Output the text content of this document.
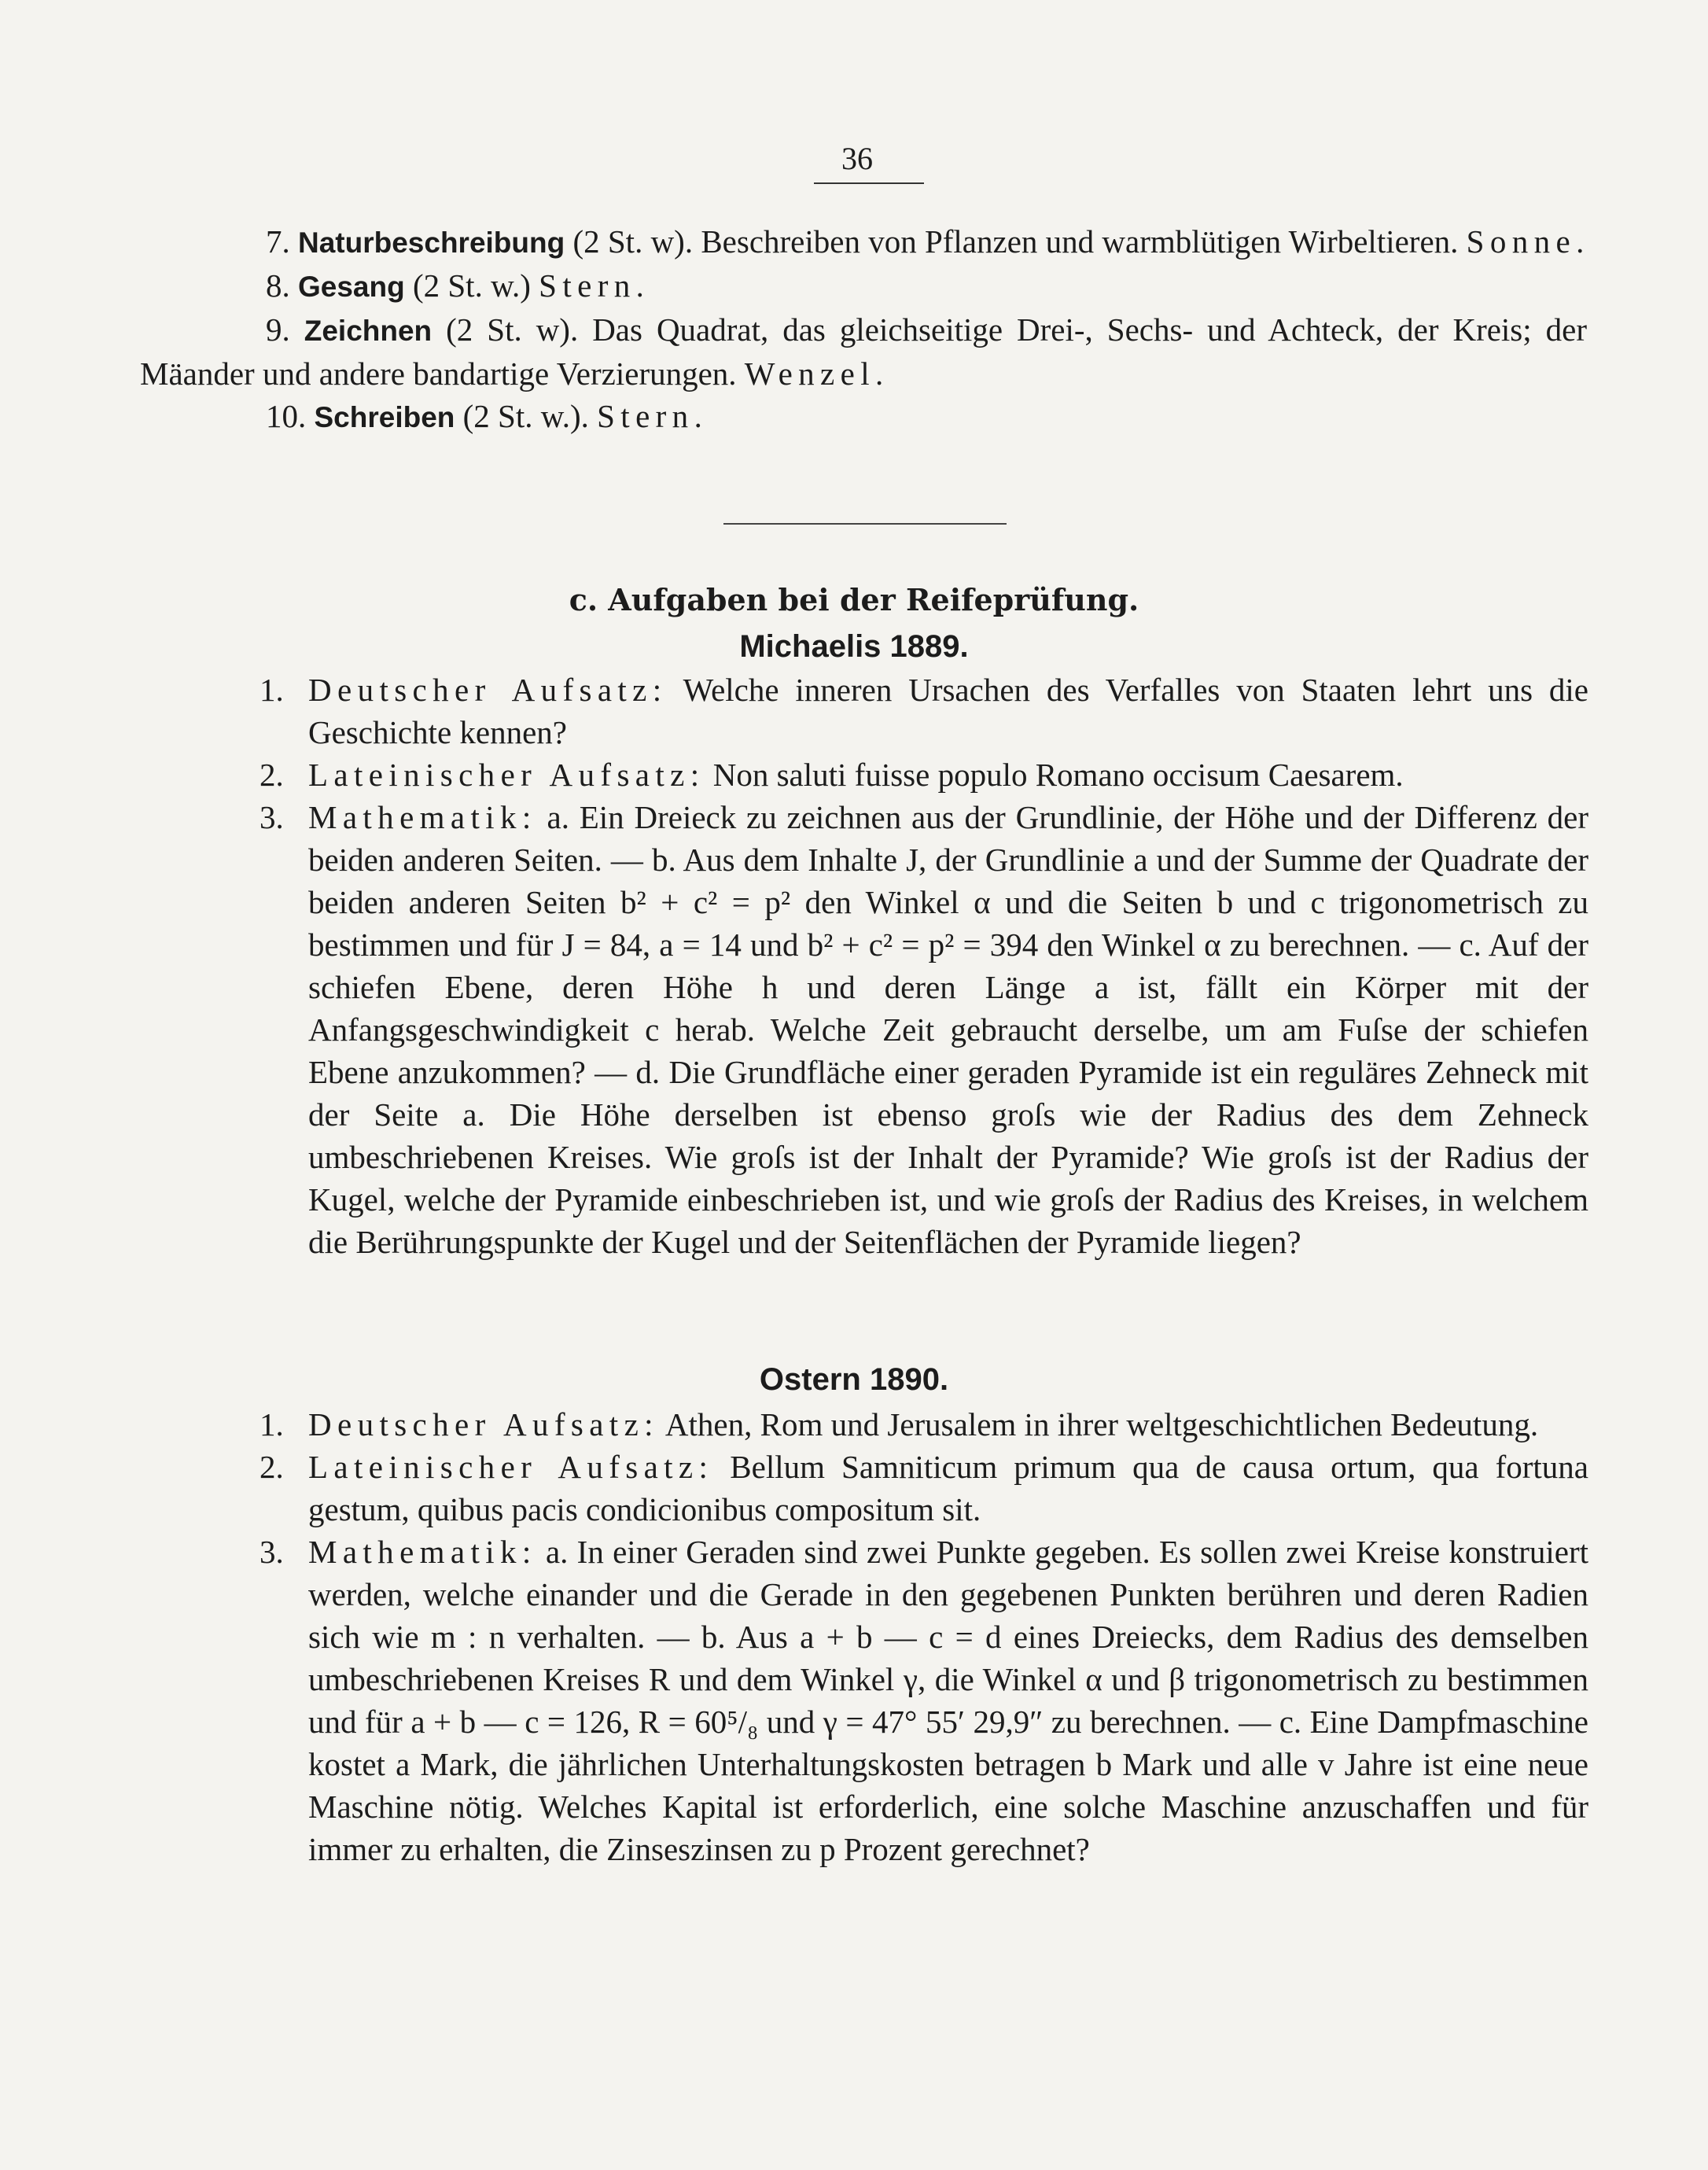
36

7. Naturbeschreibung (2 St. w). Beschreiben von Pflanzen und warmblütigen Wirbeltieren. Sonne.

8. Gesang (2 St. w.) Stern.

9. Zeichnen (2 St. w). Das Quadrat, das gleichseitige Drei-, Sechs- und Achteck, der Kreis; der Mäander und andere bandartige Verzierungen. Wenzel.

10. Schreiben (2 St. w.). Stern.

c. Aufgaben bei der Reifeprüfung.
Michaelis 1889.

1. Deutscher Aufsatz: Welche inneren Ursachen des Verfalles von Staaten lehrt uns die Geschichte kennen?

2. Lateinischer Aufsatz: Non saluti fuisse populo Romano occisum Caesarem.

3. Mathematik: a. Ein Dreieck zu zeichnen aus der Grundlinie, der Höhe und der Differenz der beiden anderen Seiten. — b. Aus dem Inhalte J, der Grundlinie a und der Summe der Quadrate der beiden anderen Seiten b² + c² = p² den Winkel α und die Seiten b und c trigonometrisch zu bestimmen und für J = 84, a = 14 und b² + c² = p² = 394 den Winkel α zu berechnen. — c. Auf der schiefen Ebene, deren Höhe h und deren Länge a ist, fällt ein Körper mit der Anfangsgeschwindigkeit c herab. Welche Zeit gebraucht derselbe, um am Fuſse der schiefen Ebene anzukommen? — d. Die Grundfläche einer geraden Pyramide ist ein reguläres Zehneck mit der Seite a. Die Höhe derselben ist ebenso groſs wie der Radius des dem Zehneck umbeschriebenen Kreises. Wie groſs ist der Inhalt der Pyramide? Wie groſs ist der Radius der Kugel, welche der Pyramide einbeschrieben ist, und wie groſs der Radius des Kreises, in welchem die Berührungspunkte der Kugel und der Seitenflächen der Pyramide liegen?

Ostern 1890.

1. Deutscher Aufsatz: Athen, Rom und Jerusalem in ihrer weltgeschichtlichen Bedeutung.

2. Lateinischer Aufsatz: Bellum Samniticum primum qua de causa ortum, qua fortuna gestum, quibus pacis condicionibus compositum sit.

3. Mathematik: a. In einer Geraden sind zwei Punkte gegeben. Es sollen zwei Kreise konstruiert werden, welche einander und die Gerade in den gegebenen Punkten berühren und deren Radien sich wie m : n verhalten. — b. Aus a + b — c = d eines Dreiecks, dem Radius des demselben umbeschriebenen Kreises R und dem Winkel γ, die Winkel α und β trigonometrisch zu bestimmen und für a + b — c = 126, R = 60⁵/₈ und γ = 47° 55′ 29,9″ zu berechnen. — c. Eine Dampfmaschine kostet a Mark, die jährlichen Unterhaltungskosten betragen b Mark und alle v Jahre ist eine neue Maschine nötig. Welches Kapital ist erforderlich, eine solche Maschine anzuschaffen und für immer zu erhalten, die Zinseszinsen zu p Prozent gerechnet?
